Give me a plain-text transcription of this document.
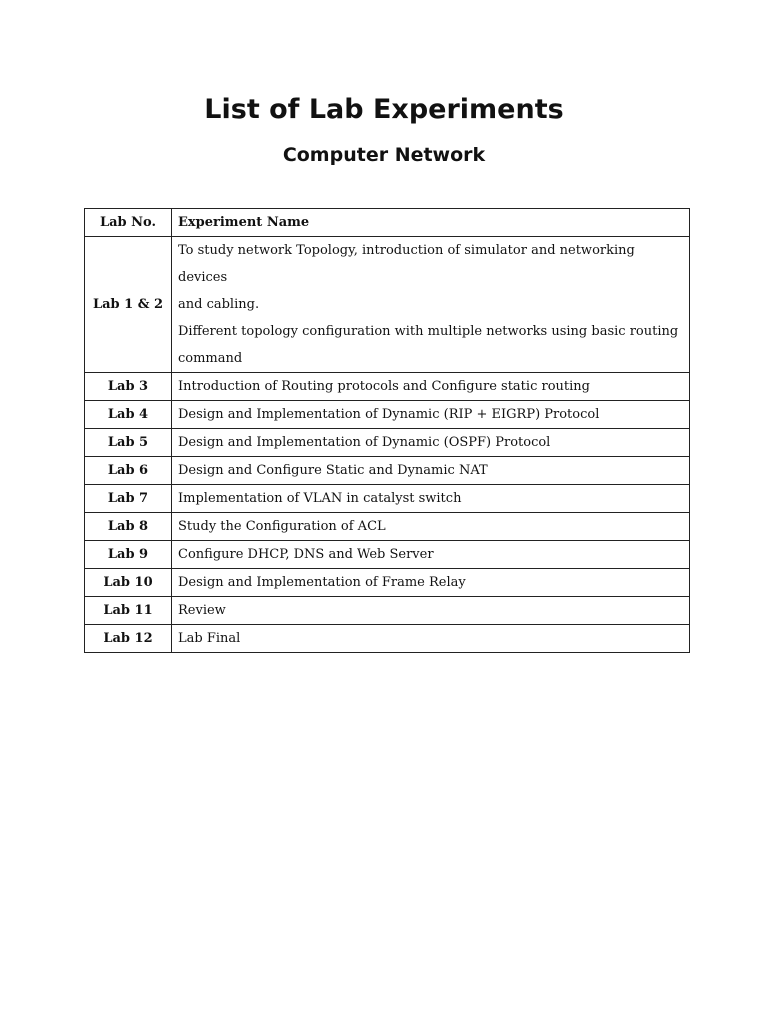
List of Lab Experiments
Computer Network
Lab No.	Experiment Name
Lab 1 & 2	To study network Topology, introduction of simulator and networking devices
and cabling.
Different topology configuration with multiple networks using basic routing
command

Lab 3	Introduction of Routing protocols and Configure static routing
Lab 4	Design and Implementation of Dynamic (RIP + EIGRP) Protocol
Lab 5	Design and Implementation of Dynamic (OSPF) Protocol
Lab 6	Design and Configure Static and Dynamic NAT
Lab 7	Implementation of VLAN in catalyst switch
Lab 8	Study the Configuration of ACL
Lab 9	Configure DHCP, DNS and Web Server
Lab 10	Design and Implementation of Frame Relay
Lab 11	Review
Lab 12	Lab Final
